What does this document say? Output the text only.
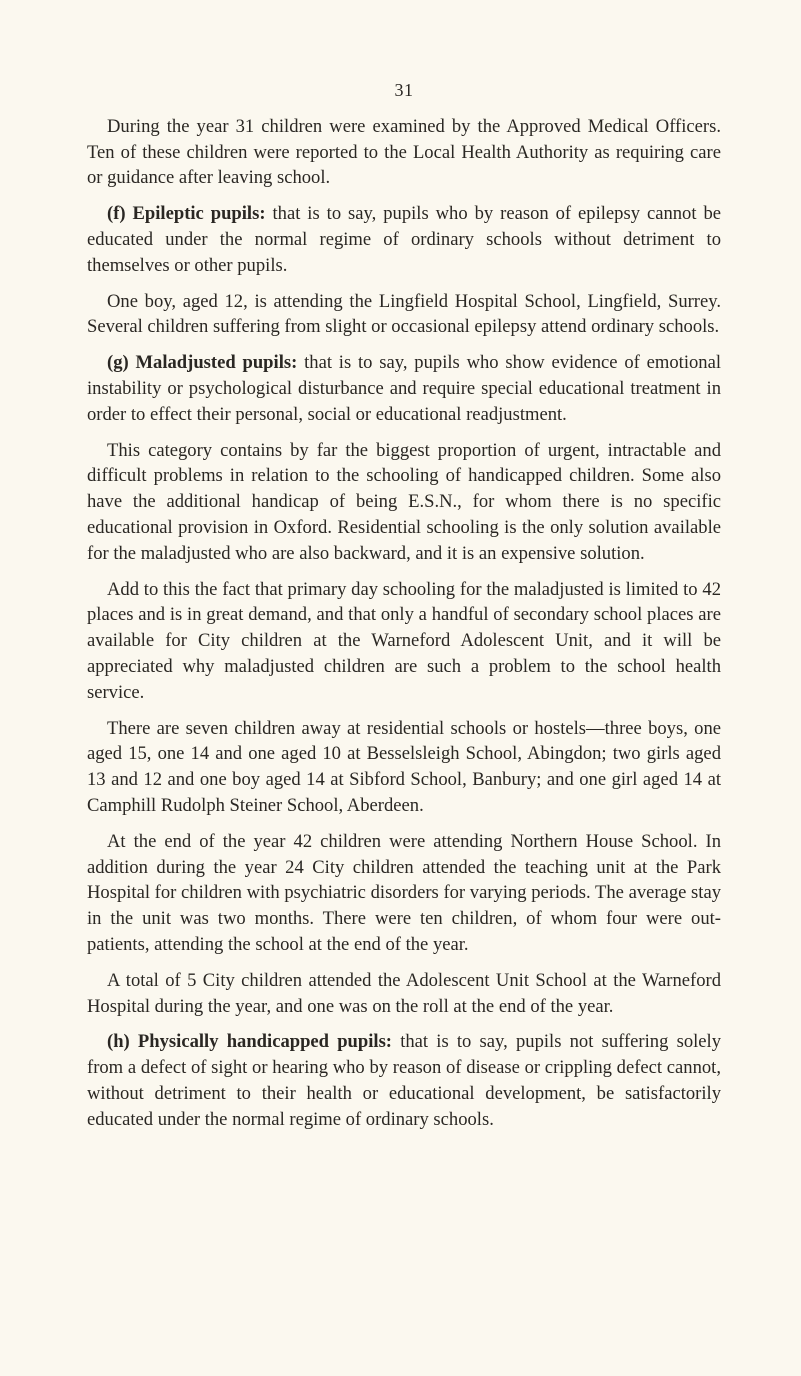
31

During the year 31 children were examined by the Approved Medical Officers. Ten of these children were reported to the Local Health Authority as requiring care or guidance after leaving school.

(f) Epileptic pupils: that is to say, pupils who by reason of epilepsy cannot be educated under the normal regime of ordinary schools without detriment to themselves or other pupils.

One boy, aged 12, is attending the Lingfield Hospital School, Lingfield, Surrey. Several children suffering from slight or occasional epilepsy attend ordinary schools.

(g) Maladjusted pupils: that is to say, pupils who show evidence of emotional instability or psychological disturbance and require special educational treatment in order to effect their personal, social or educational readjustment.

This category contains by far the biggest proportion of urgent, intractable and difficult problems in relation to the schooling of handicapped children. Some also have the additional handicap of being E.S.N., for whom there is no specific educational provision in Oxford. Residential schooling is the only solution available for the maladjusted who are also backward, and it is an expensive solution.

Add to this the fact that primary day schooling for the maladjusted is limited to 42 places and is in great demand, and that only a handful of secondary school places are available for City children at the Warneford Adolescent Unit, and it will be appreciated why maladjusted children are such a problem to the school health service.

There are seven children away at residential schools or hostels—three boys, one aged 15, one 14 and one aged 10 at Besselsleigh School, Abingdon; two girls aged 13 and 12 and one boy aged 14 at Sibford School, Banbury; and one girl aged 14 at Camphill Rudolph Steiner School, Aberdeen.

At the end of the year 42 children were attending Northern House School. In addition during the year 24 City children attended the teaching unit at the Park Hospital for children with psychiatric disorders for varying periods. The average stay in the unit was two months. There were ten children, of whom four were out-patients, attending the school at the end of the year.

A total of 5 City children attended the Adolescent Unit School at the Warneford Hospital during the year, and one was on the roll at the end of the year.

(h) Physically handicapped pupils: that is to say, pupils not suffering solely from a defect of sight or hearing who by reason of disease or crippling defect cannot, without detriment to their health or educational development, be satisfactorily educated under the normal regime of ordinary schools.
